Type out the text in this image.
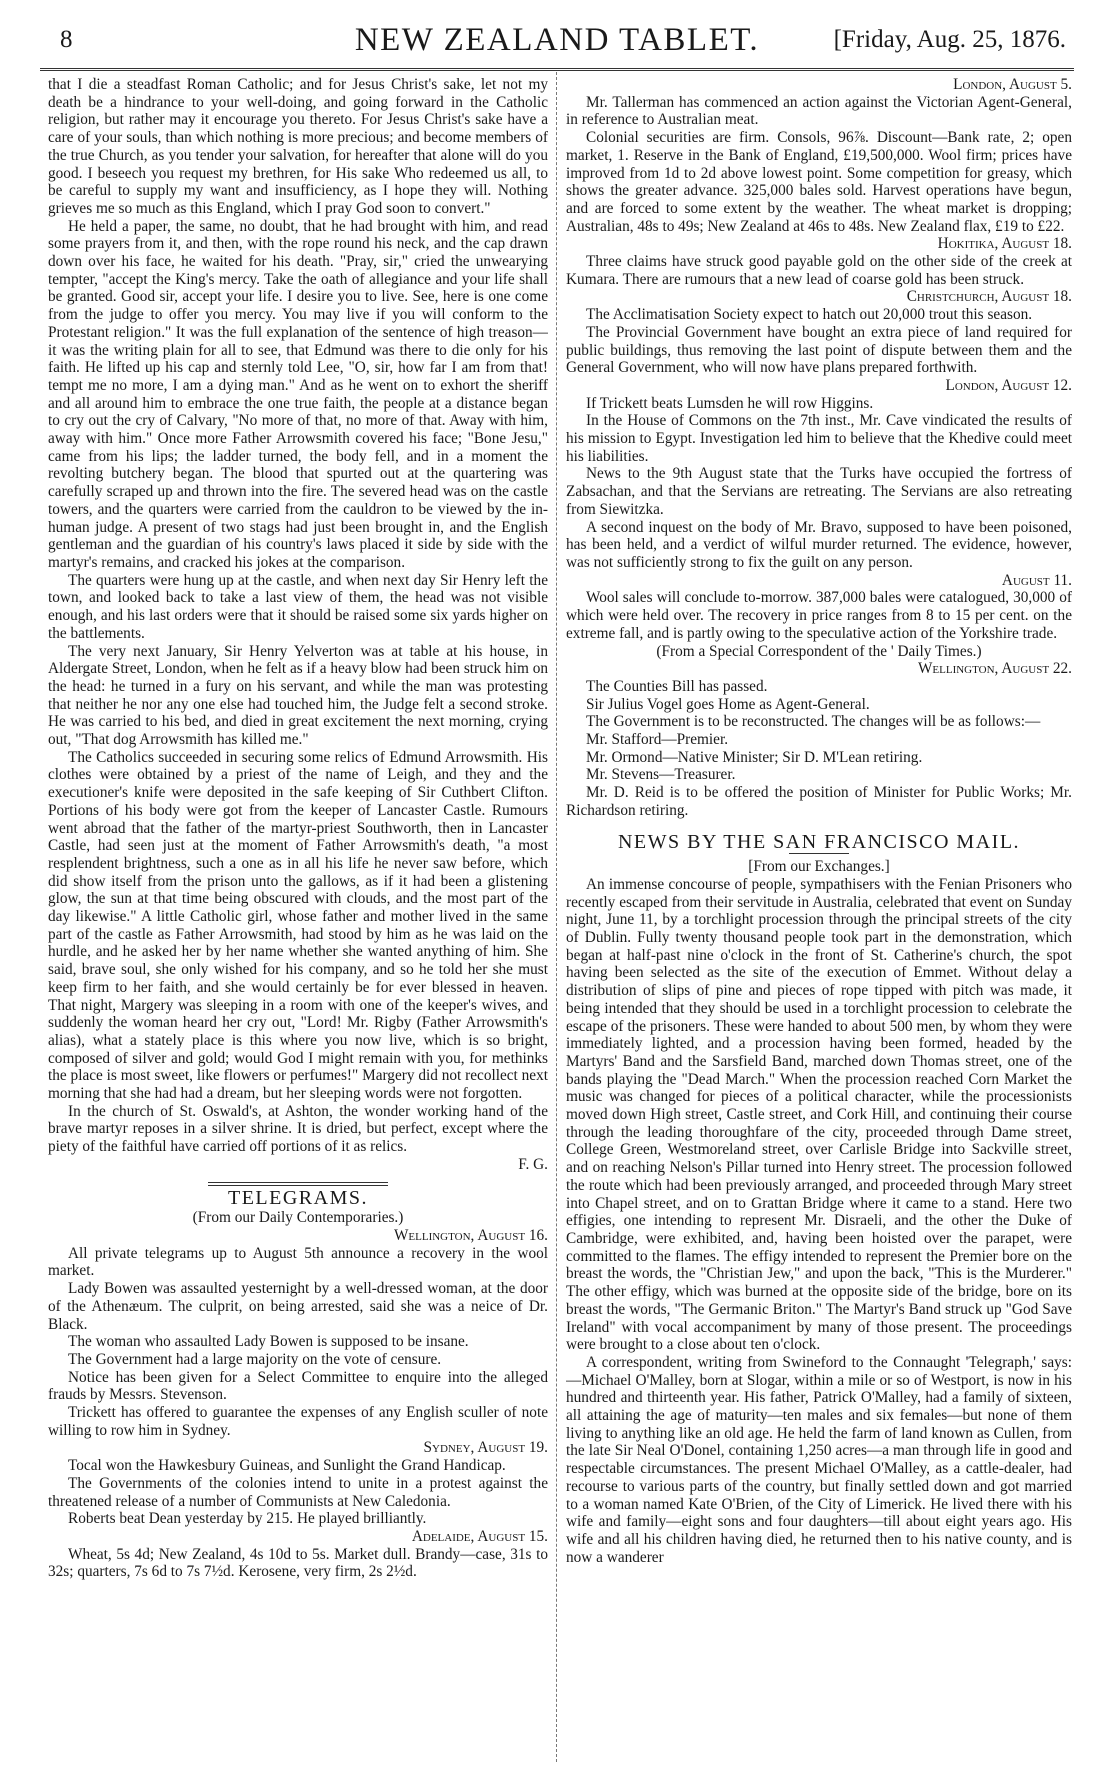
8	NEW ZEALAND TABLET.	[Friday, Aug. 25, 1876.

that I die a steadfast Roman Catholic; and for Jesus Christ's sake, let not my death be a hindrance to your well-doing, and going forward in the Catholic religion, but rather may it encourage you thereto. For Jesus Christ's sake have a care of your souls, than which nothing is more precious; and become members of the true Church, as you tender your salvation, for hereafter that alone will do you good. I beseech you request my brethren, for His sake Who redeemed us all, to be careful to supply my want and insufficiency, as I hope they will. Nothing grieves me so much as this England, which I pray God soon to convert."

He held a paper, the same, no doubt, that he had brought with him, and read some prayers from it, and then, with the rope round his neck, and the cap drawn down over his face, he waited for his death. "Pray, sir," cried the unwearying tempter, "accept the King's mercy. Take the oath of allegiance and your life shall be granted. Good sir, accept your life. I desire you to live. See, here is one come from the judge to offer you mercy. You may live if you will conform to the Protestant religion." It was the full explanation of the sentence of high treason—it was the writing plain for all to see, that Edmund was there to die only for his faith. He lifted up his cap and sternly told Lee, "O, sir, how far I am from that! tempt me no more, I am a dying man." And as he went on to exhort the sheriff and all around him to embrace the one true faith, the people at a distance began to cry out the cry of Calvary, "No more of that, no more of that. Away with him, away with him." Once more Father Arrowsmith covered his face; "Bone Jesu," came from his lips; the ladder turned, the body fell, and in a moment the revolting butchery began. The blood that spurted out at the quartering was carefully scraped up and thrown into the fire. The severed head was on the castle towers, and the quarters were carried from the cauldron to be viewed by the in-human judge. A present of two stags had just been brought in, and the English gentleman and the guardian of his country's laws placed it side by side with the martyr's remains, and cracked his jokes at the comparison.

The quarters were hung up at the castle, and when next day Sir Henry left the town, and looked back to take a last view of them, the head was not visible enough, and his last orders were that it should be raised some six yards higher on the battlements.

The very next January, Sir Henry Yelverton was at table at his house, in Aldergate Street, London, when he felt as if a heavy blow had been struck him on the head: he turned in a fury on his servant, and while the man was protesting that neither he nor any one else had touched him, the Judge felt a second stroke. He was carried to his bed, and died in great excitement the next morning, crying out, "That dog Arrowsmith has killed me."

The Catholics succeeded in securing some relics of Edmund Arrowsmith. His clothes were obtained by a priest of the name of Leigh, and they and the executioner's knife were deposited in the safe keeping of Sir Cuthbert Clifton. Portions of his body were got from the keeper of Lancaster Castle. Rumours went abroad that the father of the martyr-priest Southworth, then in Lancaster Castle, had seen just at the moment of Father Arrowsmith's death, "a most resplendent brightness, such a one as in all his life he never saw before, which did show itself from the prison unto the gallows, as if it had been a glistening glow, the sun at that time being obscured with clouds, and the most part of the day likewise." A little Catholic girl, whose father and mother lived in the same part of the castle as Father Arrowsmith, had stood by him as he was laid on the hurdle, and he asked her by her name whether she wanted anything of him. She said, brave soul, she only wished for his company, and so he told her she must keep firm to her faith, and she would certainly be for ever blessed in heaven. That night, Margery was sleeping in a room with one of the keeper's wives, and suddenly the woman heard her cry out, "Lord! Mr. Rigby (Father Arrowsmith's alias), what a stately place is this where you now live, which is so bright, composed of silver and gold; would God I might remain with you, for methinks the place is most sweet, like flowers or perfumes!" Margery did not recollect next morning that she had had a dream, but her sleeping words were not forgotten.

In the church of St. Oswald's, at Ashton, the wonder working hand of the brave martyr reposes in a silver shrine. It is dried, but perfect, except where the piety of the faithful have carried off portions of it as relics.

F. G.

TELEGRAMS.

(From our Daily Contemporaries.)

Wellington, August 16.

All private telegrams up to August 5th announce a recovery in the wool market.

Lady Bowen was assaulted yesternight by a well-dressed woman, at the door of the Athenæum. The culprit, on being arrested, said she was a neice of Dr. Black.

The woman who assaulted Lady Bowen is supposed to be insane.

The Government had a large majority on the vote of censure.

Notice has been given for a Select Committee to enquire into the alleged frauds by Messrs. Stevenson.

Trickett has offered to guarantee the expenses of any English sculler of note willing to row him in Sydney.

Sydney, August 19.

Tocal won the Hawkesbury Guineas, and Sunlight the Grand Handicap.

The Governments of the colonies intend to unite in a protest against the threatened release of a number of Communists at New Caledonia.

Roberts beat Dean yesterday by 215. He played brilliantly.

Adelaide, August 15.

Wheat, 5s 4d; New Zealand, 4s 10d to 5s. Market dull. Brandy—case, 31s to 32s; quarters, 7s 6d to 7s 7½d. Kerosene, very firm, 2s 2½d.

London, August 5.

Mr. Tallerman has commenced an action against the Victorian Agent-General, in reference to Australian meat.

Colonial securities are firm. Consols, 96⅞. Discount—Bank rate, 2; open market, 1. Reserve in the Bank of England, £19,500,000. Wool firm; prices have improved from 1d to 2d above lowest point. Some competition for greasy, which shows the greater advance. 325,000 bales sold. Harvest operations have begun, and are forced to some extent by the weather. The wheat market is dropping; Australian, 48s to 49s; New Zealand at 46s to 48s. New Zealand flax, £19 to £22.

Hokitika, August 18.

Three claims have struck good payable gold on the other side of the creek at Kumara. There are rumours that a new lead of coarse gold has been struck.

Christchurch, August 18.

The Acclimatisation Society expect to hatch out 20,000 trout this season.

The Provincial Government have bought an extra piece of land required for public buildings, thus removing the last point of dispute between them and the General Government, who will now have plans prepared forthwith.

London, August 12.

If Trickett beats Lumsden he will row Higgins.

In the House of Commons on the 7th inst., Mr. Cave vindicated the results of his mission to Egypt. Investigation led him to believe that the Khedive could meet his liabilities.

News to the 9th August state that the Turks have occupied the fortress of Zabsachan, and that the Servians are retreating. The Servians are also retreating from Siewitzka.

A second inquest on the body of Mr. Bravo, supposed to have been poisoned, has been held, and a verdict of wilful murder returned. The evidence, however, was not sufficiently strong to fix the guilt on any person.

August 11.

Wool sales will conclude to-morrow. 387,000 bales were catalogued, 30,000 of which were held over. The recovery in price ranges from 8 to 15 per cent. on the extreme fall, and is partly owing to the speculative action of the Yorkshire trade.

(From a Special Correspondent of the ' Daily Times.)

Wellington, August 22.

The Counties Bill has passed.

Sir Julius Vogel goes Home as Agent-General.

The Government is to be reconstructed. The changes will be as follows:—

Mr. Stafford—Premier.

Mr. Ormond—Native Minister; Sir D. M'Lean retiring.

Mr. Stevens—Treasurer.

Mr. D. Reid is to be offered the position of Minister for Public Works; Mr. Richardson retiring.

NEWS BY THE SAN FRANCISCO MAIL.

[From our Exchanges.]

An immense concourse of people, sympathisers with the Fenian Prisoners who recently escaped from their servitude in Australia, celebrated that event on Sunday night, June 11, by a torchlight procession through the principal streets of the city of Dublin. Fully twenty thousand people took part in the demonstration, which began at half-past nine o'clock in the front of St. Catherine's church, the spot having been selected as the site of the execution of Emmet. Without delay a distribution of slips of pine and pieces of rope tipped with pitch was made, it being intended that they should be used in a torchlight procession to celebrate the escape of the prisoners. These were handed to about 500 men, by whom they were immediately lighted, and a procession having been formed, headed by the Martyrs' Band and the Sarsfield Band, marched down Thomas street, one of the bands playing the "Dead March." When the procession reached Corn Market the music was changed for pieces of a political character, while the processionists moved down High street, Castle street, and Cork Hill, and continuing their course through the leading thoroughfare of the city, proceeded through Dame street, College Green, Westmoreland street, over Carlisle Bridge into Sackville street, and on reaching Nelson's Pillar turned into Henry street. The procession followed the route which had been previously arranged, and proceeded through Mary street into Chapel street, and on to Grattan Bridge where it came to a stand. Here two effigies, one intending to represent Mr. Disraeli, and the other the Duke of Cambridge, were exhibited, and, having been hoisted over the parapet, were committed to the flames. The effigy intended to represent the Premier bore on the breast the words, the "Christian Jew," and upon the back, "This is the Murderer." The other effigy, which was burned at the opposite side of the bridge, bore on its breast the words, "The Germanic Briton." The Martyr's Band struck up "God Save Ireland" with vocal accompaniment by many of those present. The proceedings were brought to a close about ten o'clock.

A correspondent, writing from Swineford to the Connaught 'Telegraph,' says:—Michael O'Malley, born at Slogar, within a mile or so of Westport, is now in his hundred and thirteenth year. His father, Patrick O'Malley, had a family of sixteen, all attaining the age of maturity—ten males and six females—but none of them living to anything like an old age. He held the farm of land known as Cullen, from the late Sir Neal O'Donel, containing 1,250 acres—a man through life in good and respectable circumstances. The present Michael O'Malley, as a cattle-dealer, had recourse to various parts of the country, but finally settled down and got married to a woman named Kate O'Brien, of the City of Limerick. He lived there with his wife and family—eight sons and four daughters—till about eight years ago. His wife and all his children having died, he returned then to his native county, and is now a wanderer
